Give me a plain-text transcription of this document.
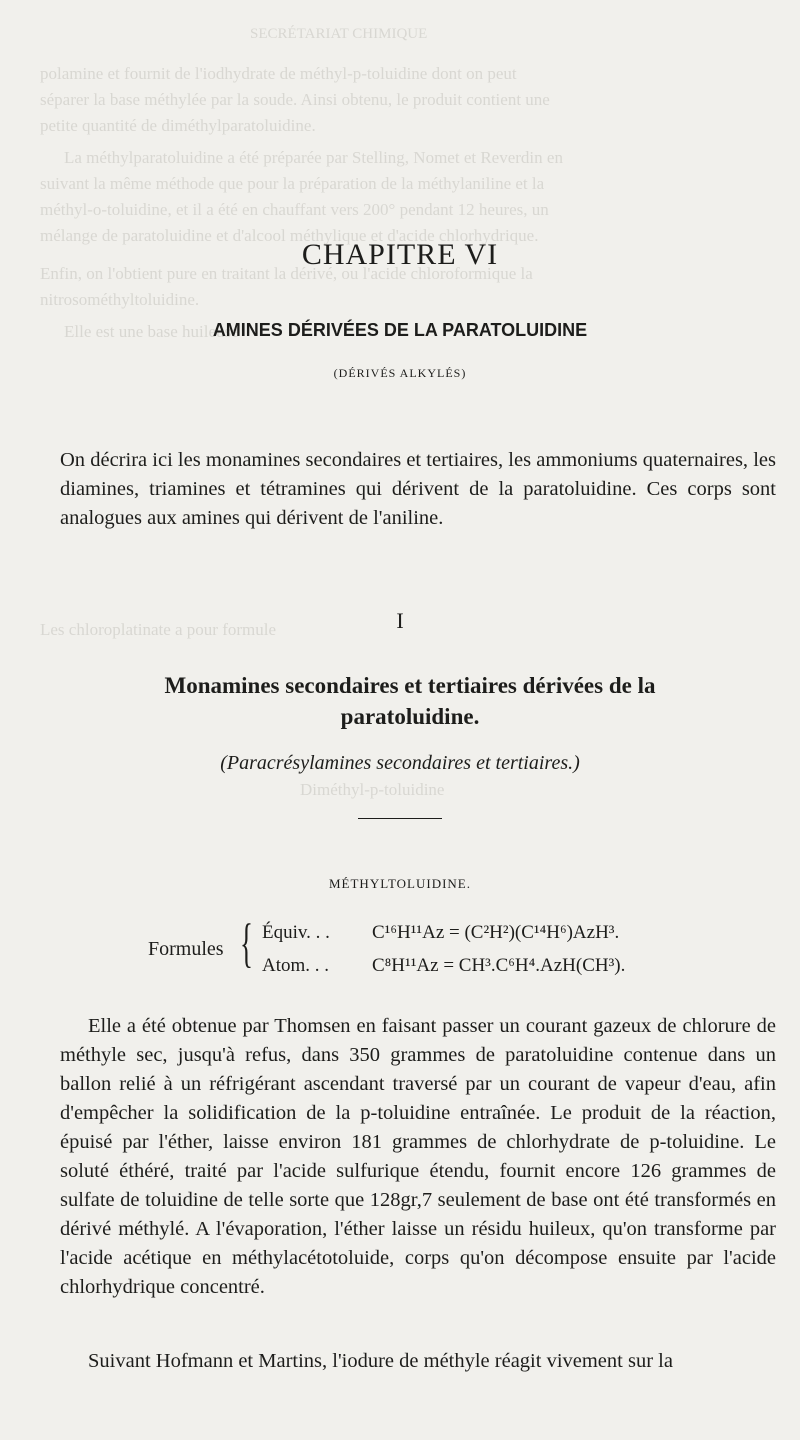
SECRÉTARIAT CHIMIQUE
polamine et fournit de l'iodhydrate de méthyl-p-toluidine dont on peut
séparer la base méthylée par la soude. Ainsi obtenu, le produit contient une
petite quantité de diméthylparatoluidine.
La méthylparatoluidine a été préparée par Stelling, Nomet et Reverdin en
suivant la même méthode que pour la préparation de la méthylaniline et la
méthyl-o-toluidine, et il a été en chauffant vers 200° pendant 12 heures, un
mélange de paratoluidine et d'alcool méthylique et d'acide chlorhydrique.
Enfin, on l'obtient pure en traitant la dérivé, ou l'acide chloroformique la
nitrosométhyltoluidine.
Elle est une base huileuse
Les chloroplatinate a pour formule
Diméthyl-p-toluidine
CHAPITRE VI
AMINES DÉRIVÉES DE LA PARATOLUIDINE
(DÉRIVÉS ALKYLÉS)
On décrira ici les monamines secondaires et tertiaires, les ammoniums quaternaires, les diamines, triamines et tétramines qui dérivent de la paratoluidine. Ces corps sont analogues aux amines qui dérivent de l'aniline.
I
Monamines secondaires et tertiaires dérivées de la
paratoluidine.
(Paracrésylamines secondaires et tertiaires.)
MÉTHYLTOLUIDINE.
Formules { Équiv. . . C¹⁶H¹¹Az = (C²H²)(C¹⁴H⁶)AzH³.
Atom. . . C⁸H¹¹Az = CH³.C⁶H⁴.AzH(CH³).
Elle a été obtenue par Thomsen en faisant passer un courant gazeux de chlorure de méthyle sec, jusqu'à refus, dans 350 grammes de paratoluidine contenue dans un ballon relié à un réfrigérant ascendant traversé par un courant de vapeur d'eau, afin d'empêcher la solidification de la p-toluidine entraînée. Le produit de la réaction, épuisé par l'éther, laisse environ 181 grammes de chlorhydrate de p-toluidine. Le soluté éthéré, traité par l'acide sulfurique étendu, fournit encore 126 grammes de sulfate de toluidine de telle sorte que 128gr,7 seulement de base ont été transformés en dérivé méthylé. A l'évaporation, l'éther laisse un résidu huileux, qu'on transforme par l'acide acétique en méthylacétotoluide, corps qu'on décompose ensuite par l'acide chlorhydrique concentré.
Suivant Hofmann et Martins, l'iodure de méthyle réagit vivement sur la
